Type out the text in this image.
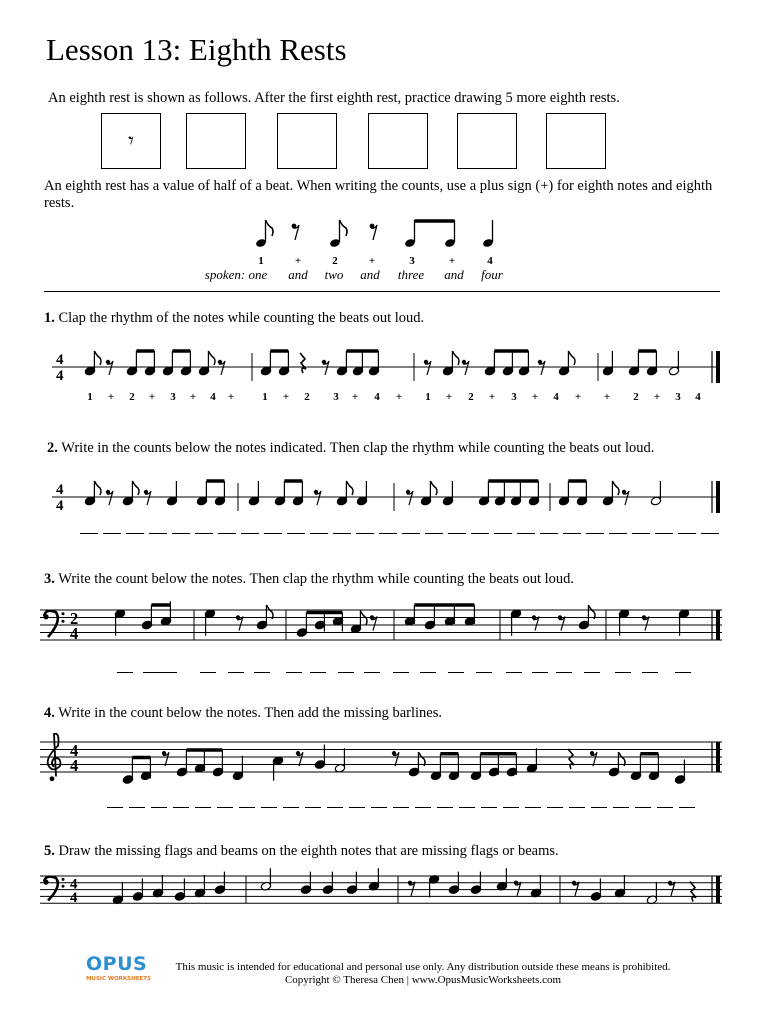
Lesson 13: Eighth Rests
An eighth rest is shown as follows. After the first eighth rest, practice drawing 5 more eighth rests.
𝄾
An eighth rest has a value of half of a beat. When writing the counts, use a plus sign (+) for eighth notes and eighth rests.
1	+	2	+	3	+	4
spoken: one	and	two	and	three	and	four
1. Clap the rhythm of the notes while counting the beats out loud.
2. Write in the counts below the notes indicated. Then clap the rhythm while counting the beats out loud.
3. Write the count below the notes. Then clap the rhythm while counting the beats out loud.
4. Write in the count below the notes. Then add the missing barlines.
5. Draw the missing flags and beams on the eighth notes that are missing flags or beams.
4
4
1	+	2	+	3	+	4	+	1	+	2	3	+	4	+	1	+	2	+	3	+	4	+	+	2	+	3	4
4
4
2
4
4
4
4
4
OPUS
MUSIC WORKSHEETS
This music is intended for educational and personal use only. Any distribution outside these means is prohibited.
Copyright © Theresa Chen | www.OpusMusicWorksheets.com
